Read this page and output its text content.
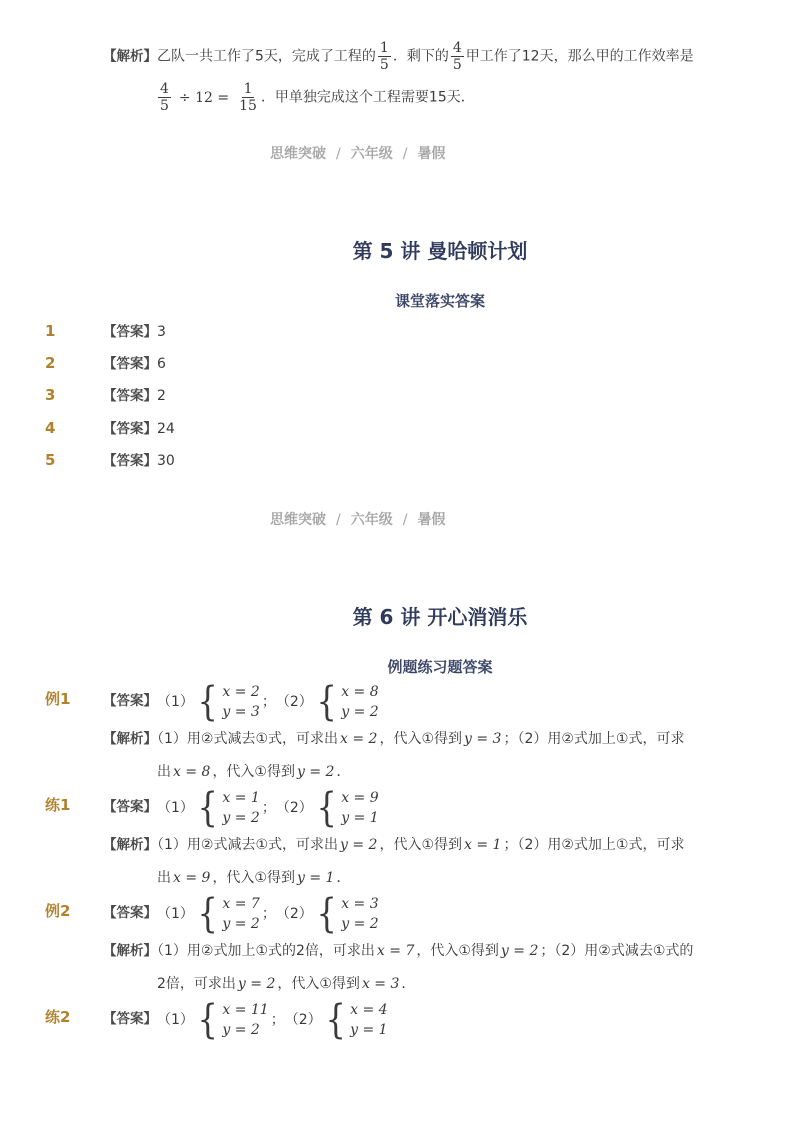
【解析】乙队一共工作了5天，完成了工程的 $\frac{1}{5}$ ．剩下的 $\frac{4}{5}$ 甲工作了12天，那么甲的工作效率是
$\frac{4}{5} \div 12 = \frac{1}{15}$ ．甲单独完成这个工程需要15天．
思维突破 / 六年级 / 暑假
第 5 讲 曼哈顿计划
课堂落实答案
1	【答案】 3
2	【答案】 6
3	【答案】 2
4	【答案】 24
5	【答案】 30
思维突破 / 六年级 / 暑假
第 6 讲 开心消消乐
例题练习题答案
例1 【答案】 （1） { x = 2
y = 3
； （2） { x = 8
y = 2
【解析】（1）用②式减去①式，可求出 x = 2 ，代入①得到 y = 3 ；（2）用②式加上①式，可求
出 x = 8 ，代入①得到 y = 2 ．
练1 【答案】 （1） { x = 1
y = 2
； （2） { x = 9
y = 1
【解析】（1）用②式减去①式，可求出 y = 2 ，代入①得到 x = 1 ；（2）用②式加上①式，可求
出 x = 9 ，代入①得到 y = 1 ．
例2 【答案】 （1） { x = 7
y = 2
； （2） { x = 3
y = 2
【解析】（1）用②式加上①式的2倍，可求出 x = 7 ，代入①得到 y = 2 ；（2）用②式减去①式的
2倍，可求出 y = 2 ，代入①得到 x = 3 ．
练2 【答案】 （1） { x = 11
y = 2
； （2） { x = 4
y = 1
